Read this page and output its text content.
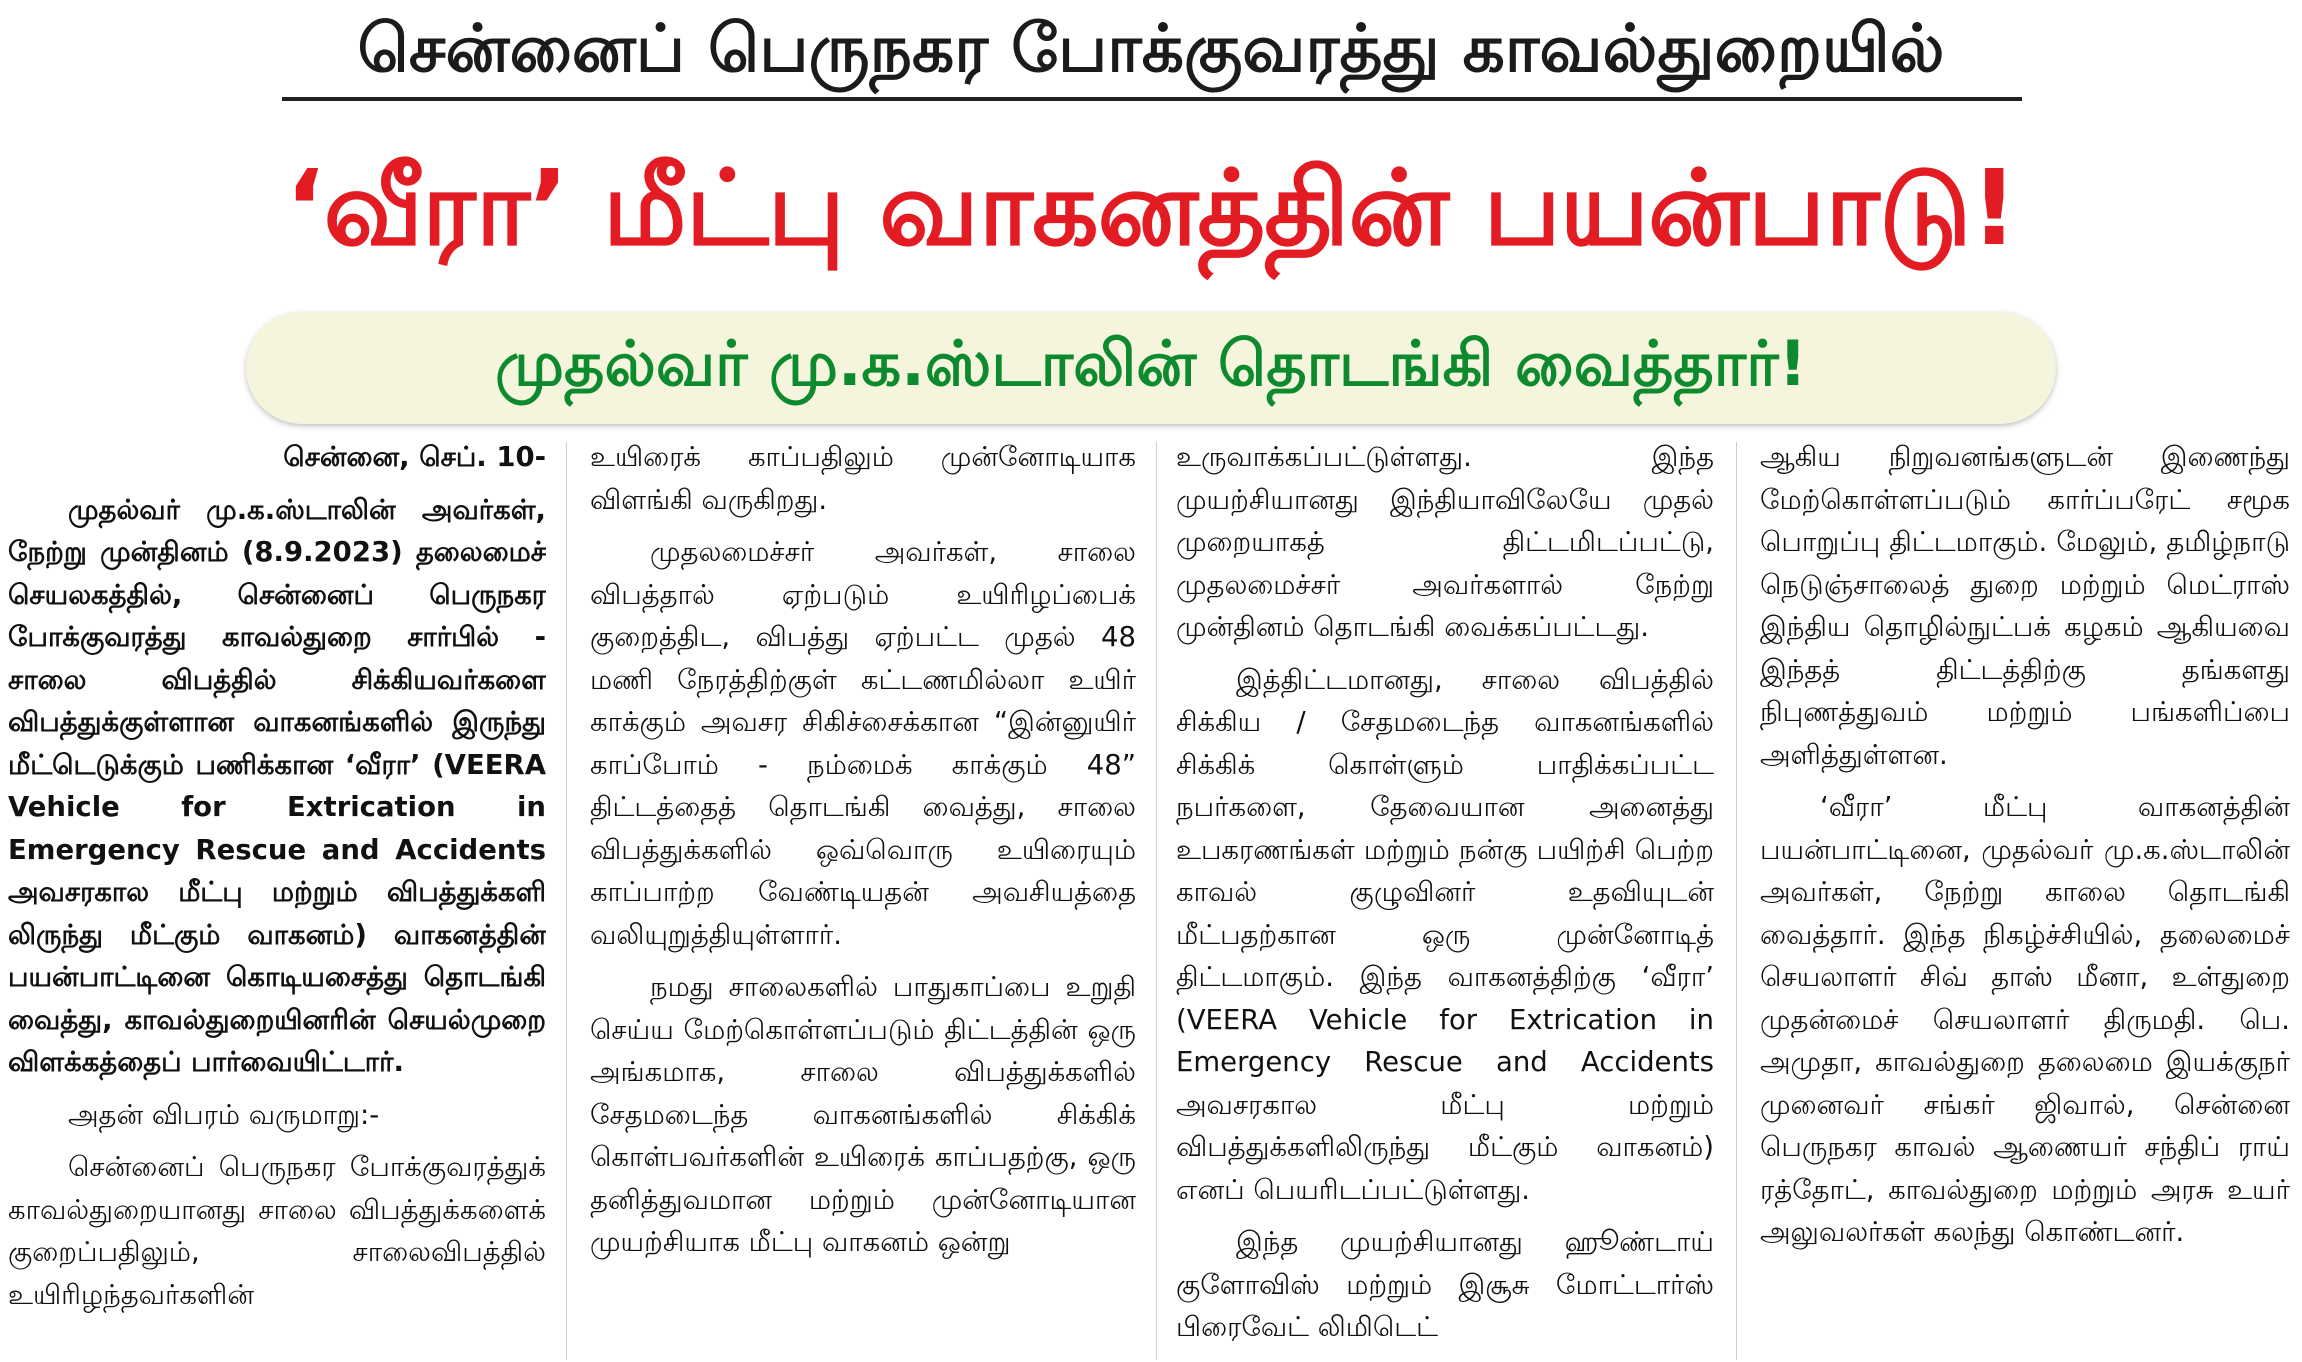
சென்னைப் பெருநகர போக்குவரத்து காவல்துறையில்
‘வீரா’ மீட்பு வாகனத்தின் பயன்பாடு!
முதல்வர் மு.க.ஸ்டாலின் தொடங்கி வைத்தார்!

சென்னை, செப். 10-

முதல்வர் மு.க.ஸ்டாலின் அவர்கள், நேற்று முன்தினம் (8.9.2023) தலைமைச் செயலகத்தில், சென்னைப் பெருநகர போக்குவரத்து காவல்துறை சார்பில் - சாலை விபத்தில் சிக்கியவர்களை விபத்துக்குள்ளான வாகனங்களில் இருந்து மீட்டெடுக்கும் பணிக்கான ‘வீரா’ (VEERA Vehicle for Extrication in Emergency Rescue and Accidents அவசரகால மீட்பு மற்றும் விபத்துக்களி லிருந்து மீட்கும் வாகனம்) வாகனத்தின் பயன்பாட்டினை கொடியசைத்து தொடங்கி வைத்து, காவல்துறையினரின் செயல்முறை விளக்கத்தைப் பார்வையிட்டார்.

அதன் விபரம் வருமாறு:-

சென்னைப் பெருநகர போக்குவரத்துக் காவல்துறையானது சாலை விபத்துக்களைக் குறைப்பதிலும், சாலைவிபத்தில் உயிரிழந்தவர்களின்

உயிரைக் காப்பதிலும் முன்னோடியாக விளங்கி வருகிறது.

முதலமைச்சர் அவர்கள், சாலை விபத்தால் ஏற்படும் உயிரிழப்பைக் குறைத்திட, விபத்து ஏற்பட்ட முதல் 48 மணி நேரத்திற்குள் கட்டணமில்லா உயிர் காக்கும் அவசர சிகிச்சைக்கான “இன்னுயிர் காப்போம் - நம்மைக் காக்கும் 48” திட்டத்தைத் தொடங்கி வைத்து, சாலை விபத்துக்களில் ஒவ்வொரு உயிரையும் காப்பாற்ற வேண்டியதன் அவசியத்தை வலியுறுத்தியுள்ளார்.

நமது சாலைகளில் பாதுகாப்பை உறுதி செய்ய மேற்கொள்ளப்படும் திட்டத்தின் ஒரு அங்கமாக, சாலை விபத்துக்களில் சேதமடைந்த வாகனங்களில் சிக்கிக் கொள்பவர்களின் உயிரைக் காப்பதற்கு, ஒரு தனித்துவமான மற்றும் முன்னோடியான முயற்சியாக மீட்பு வாகனம் ஒன்று

உருவாக்கப்பட்டுள்ளது. இந்த முயற்சியானது இந்தியாவிலேயே முதல் முறையாகத் திட்டமிடப்பட்டு, முதலமைச்சர் அவர்களால் நேற்று முன்தினம் தொடங்கி வைக்கப்பட்டது.

இத்திட்டமானது, சாலை விபத்தில் சிக்கிய / சேதமடைந்த வாகனங்களில் சிக்கிக் கொள்ளும் பாதிக்கப்பட்ட நபர்களை, தேவையான அனைத்து உபகரணங்கள் மற்றும் நன்கு பயிற்சி பெற்ற காவல் குழுவினர் உதவியுடன் மீட்பதற்கான ஒரு முன்னோடித் திட்டமாகும். இந்த வாகனத்திற்கு ‘வீரா’ (VEERA Vehicle for Extrication in Emergency Rescue and Accidents அவசரகால மீட்பு மற்றும் விபத்துக்களிலிருந்து மீட்கும் வாகனம்) எனப் பெயரிடப்பட்டுள்ளது.

இந்த முயற்சியானது ஹூண்டாய் குளோவிஸ் மற்றும் இசூசு மோட்டார்ஸ் பிரைவேட் லிமிடெட்

ஆகிய நிறுவனங்களுடன் இணைந்து மேற்கொள்ளப்படும் கார்ப்பரேட் சமூக பொறுப்பு திட்டமாகும். மேலும், தமிழ்நாடு நெடுஞ்சாலைத் துறை மற்றும் மெட்ராஸ் இந்திய தொழில்நுட்பக் கழகம் ஆகியவை இந்தத் திட்டத்திற்கு தங்களது நிபுணத்துவம் மற்றும் பங்களிப்பை அளித்துள்ளன.

‘வீரா’ மீட்பு வாகனத்தின் பயன்பாட்டினை, முதல்வர் மு.க.ஸ்டாலின் அவர்கள், நேற்று காலை தொடங்கி வைத்தார். இந்த நிகழ்ச்சியில், தலைமைச் செயலாளர் சிவ் தாஸ் மீனா, உள்துறை முதன்மைச் செயலாளர் திருமதி. பெ. அமுதா, காவல்துறை தலைமை இயக்குநர் முனைவர் சங்கர் ஜிவால், சென்னை பெருநகர காவல் ஆணையர் சந்திப் ராய் ரத்தோட், காவல்துறை மற்றும் அரசு உயர் அலுவலர்கள் கலந்து கொண்டனர்.
